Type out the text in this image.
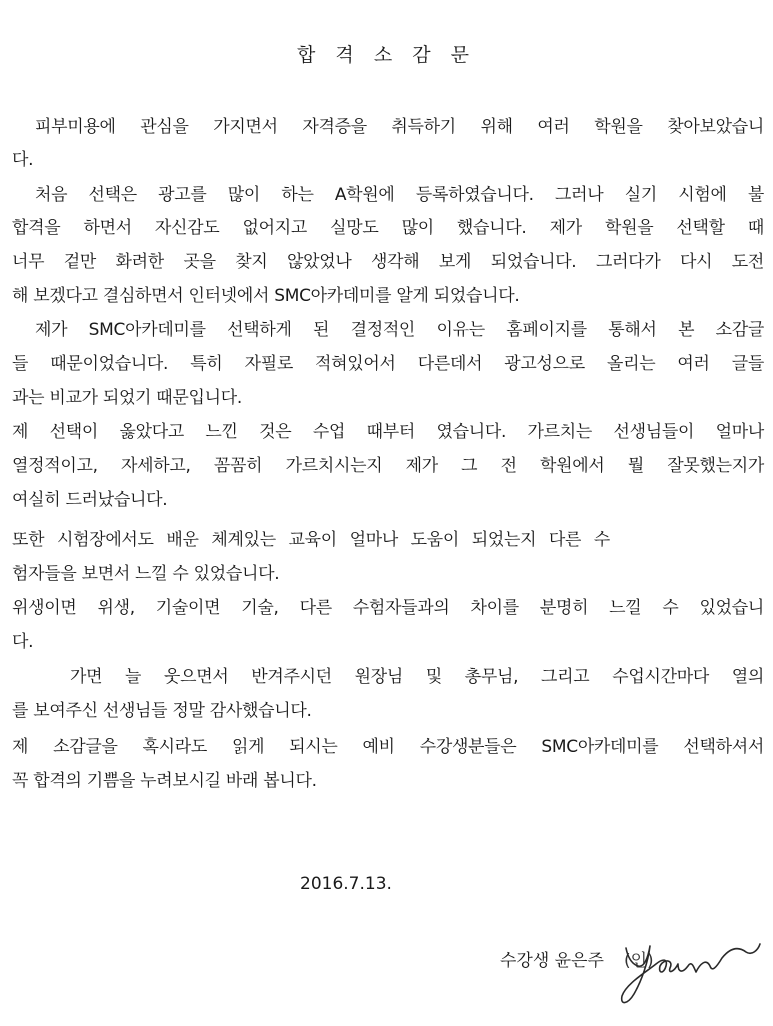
합 격 소 감 문
피부미용에 관심을 가지면서 자격증을 취득하기 위해 여러 학원을 찾아보았습니
다.
처음 선택은 광고를 많이 하는 A학원에 등록하였습니다. 그러나 실기 시험에 불
합격을 하면서 자신감도 없어지고 실망도 많이 했습니다. 제가 학원을 선택할 때
너무 겉만 화려한 곳을 찾지 않았었나 생각해 보게 되었습니다. 그러다가 다시 도전
해 보겠다고 결심하면서 인터넷에서 SMC아카데미를 알게 되었습니다.
제가 SMC아카데미를 선택하게 된 결정적인 이유는 홈페이지를 통해서 본 소감글
들 때문이었습니다. 특히 자필로 적혀있어서 다른데서 광고성으로 올리는 여러 글들
과는 비교가 되었기 때문입니다.
제 선택이 옳았다고 느낀 것은 수업 때부터 였습니다. 가르치는 선생님들이 얼마나
열정적이고, 자세하고, 꼼꼼히 가르치시는지 제가 그 전 학원에서 뭘 잘못했는지가
여실히 드러났습니다.
또한 시험장에서도 배운 체계있는 교육이 얼마나 도움이 되었는지 다른 수
험자들을 보면서 느낄 수 있었습니다.
위생이면 위생, 기술이면 기술, 다른 수험자들과의 차이를 분명히 느낄 수 있었습니
다.
가면 늘 웃으면서 반겨주시던 원장님 및 총무님, 그리고 수업시간마다 열의
를 보여주신 선생님들 정말 감사했습니다.
제 소감글을 혹시라도 읽게 되시는 예비 수강생분들은 SMC아카데미를 선택하셔서
꼭 합격의 기쁨을 누려보시길 바래 봅니다.
2016.7.13.
수강생 윤은주 (인)
